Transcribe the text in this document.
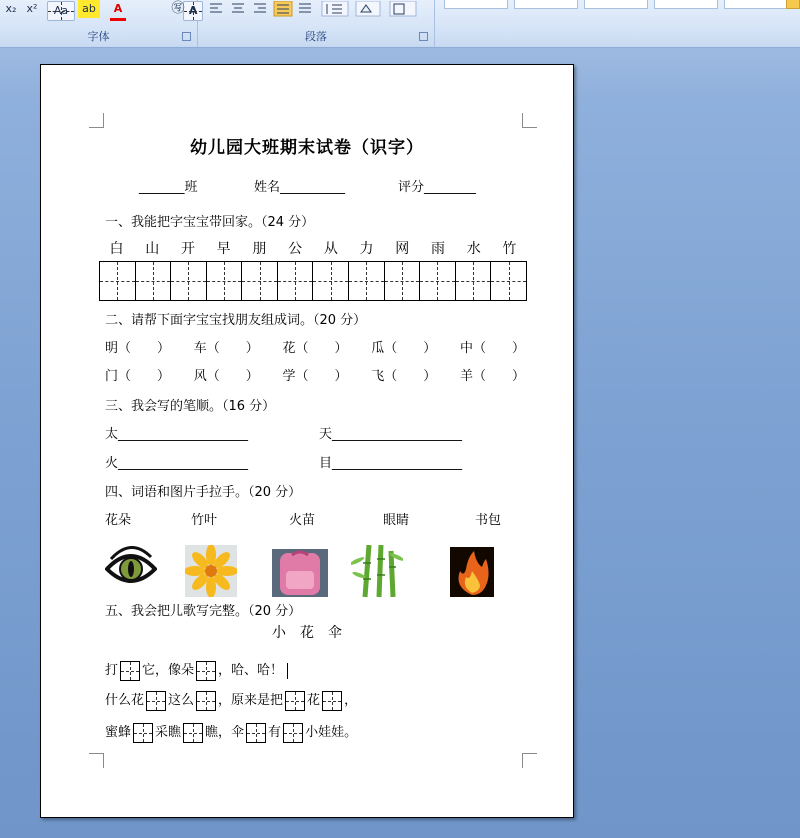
x₂ x² Aa	ab	A	A
㊢
字体	段落
幼儿园大班期末试卷（识字）
_______班	姓名__________	评分________
一、我能把字宝宝带回家。（24 分）
白	山	开	早	朋	公	从	力	网	雨	水	竹
二、请帮下面字宝宝找朋友组成词。（20 分）
明（　　） 车（　　） 花（　　） 瓜（　　） 中（　　）
门（　　） 风（　　） 学（　　） 飞（　　） 羊（　　）
三、我会写的笔顺。（16 分）
太____________________	天____________________
火____________________	目____________________
四、词语和图片手拉手。（20 分）
花朵	竹叶	火苗	眼睛	书包
五、我会把儿歌写完整。（20 分）
小　花　伞
打 它，像朵 ，哈、哈！
什么花 这么 ，原来是把 花 ，
蜜蜂 采瞧 瞧，伞 有 小娃娃。
